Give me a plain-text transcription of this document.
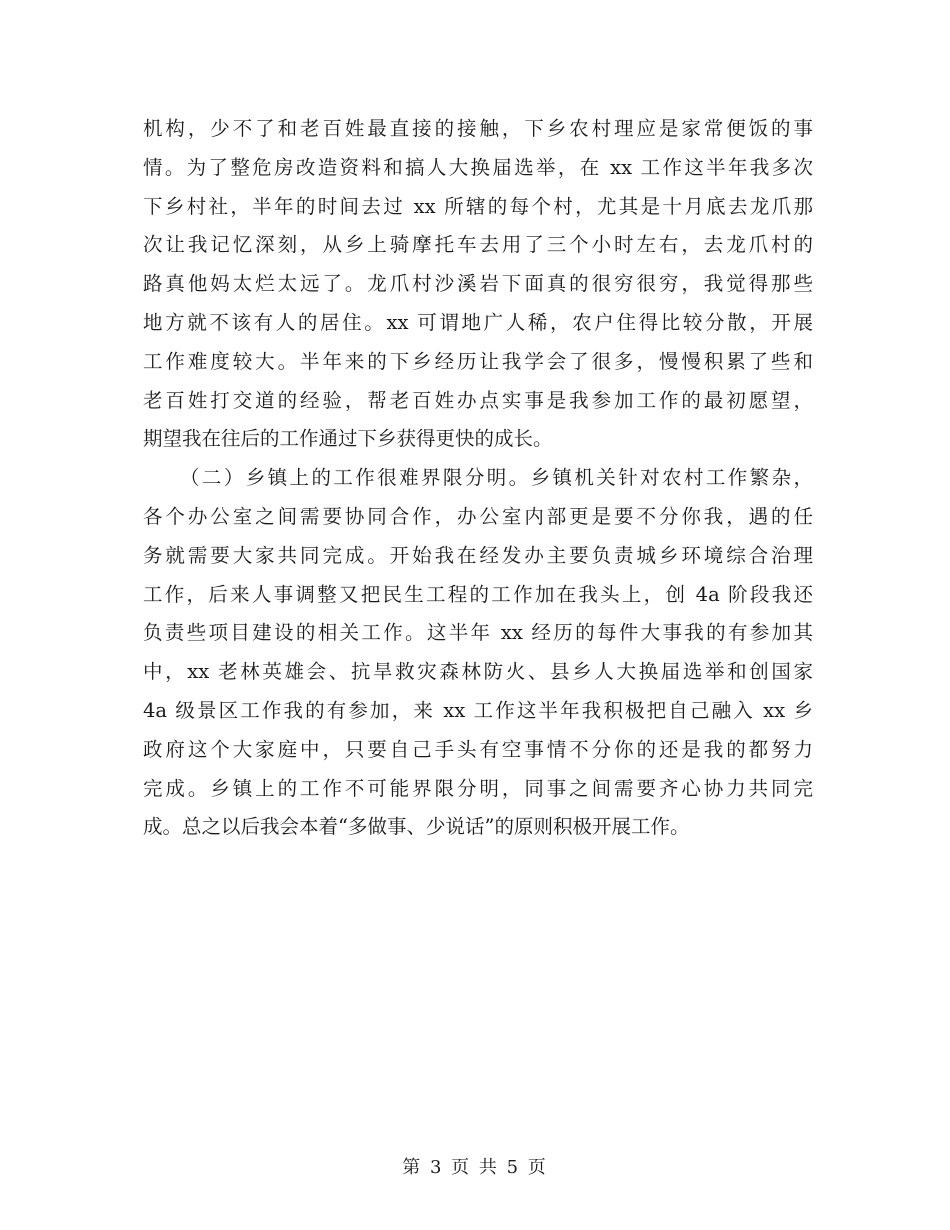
机构，少不了和老百姓最直接的接触，下乡农村理应是家常便饭的事
情。为了整危房改造资料和搞人大换届选举，在 xx 工作这半年我多次
下乡村社，半年的时间去过 xx 所辖的每个村，尤其是十月底去龙爪那
次让我记忆深刻，从乡上骑摩托车去用了三个小时左右，去龙爪村的
路真他妈太烂太远了。龙爪村沙溪岩下面真的很穷很穷，我觉得那些
地方就不该有人的居住。xx 可谓地广人稀，农户住得比较分散，开展
工作难度较大。半年来的下乡经历让我学会了很多，慢慢积累了些和
老百姓打交道的经验，帮老百姓办点实事是我参加工作的最初愿望，
期望我在往后的工作通过下乡获得更快的成长。
（二）乡镇上的工作很难界限分明。乡镇机关针对农村工作繁杂，
各个办公室之间需要协同合作，办公室内部更是要不分你我，遇的任
务就需要大家共同完成。开始我在经发办主要负责城乡环境综合治理
工作，后来人事调整又把民生工程的工作加在我头上，创 4a 阶段我还
负责些项目建设的相关工作。这半年 xx 经历的每件大事我的有参加其
中，xx 老林英雄会、抗旱救灾森林防火、县乡人大换届选举和创国家
4a 级景区工作我的有参加，来 xx 工作这半年我积极把自己融入 xx 乡
政府这个大家庭中，只要自己手头有空事情不分你的还是我的都努力
完成。乡镇上的工作不可能界限分明，同事之间需要齐心协力共同完
成。总之以后我会本着“多做事、少说话”的原则积极开展工作。
第 3 页 共 5 页
